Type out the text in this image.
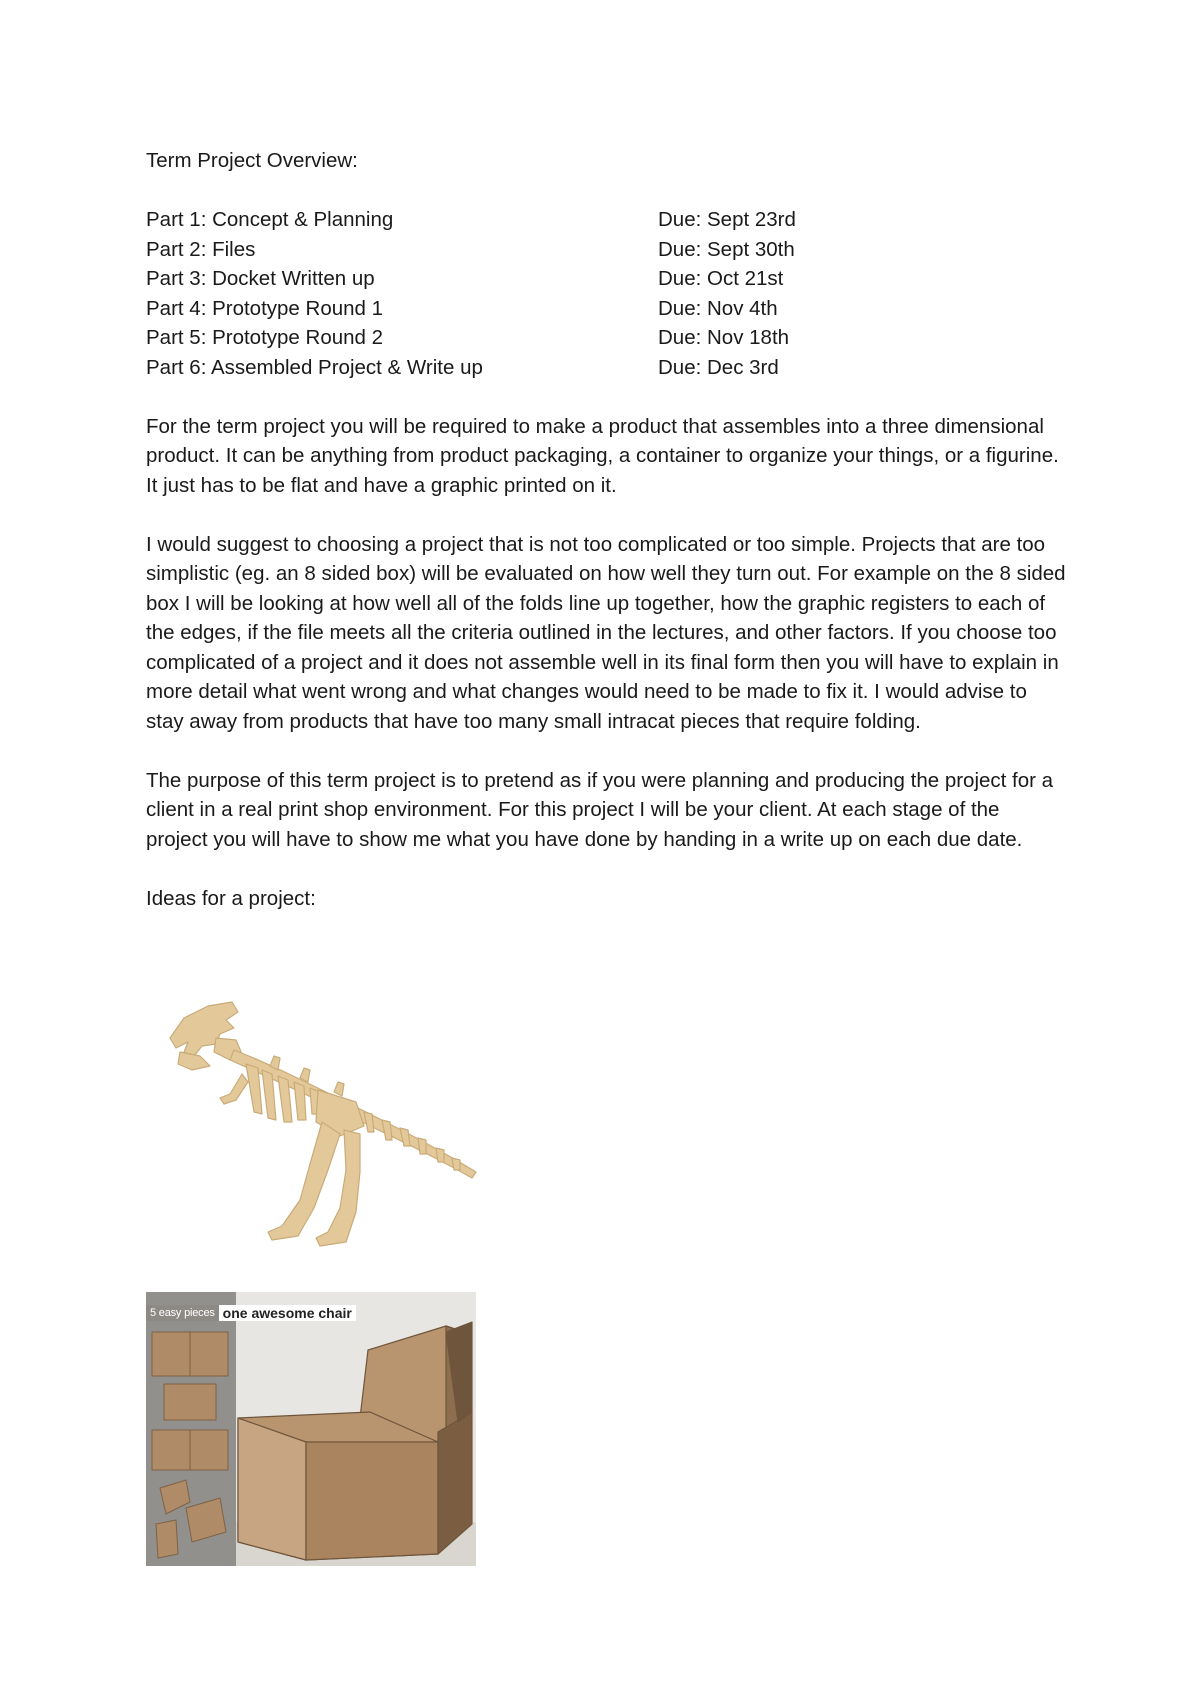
Term Project Overview:
Part 1: Concept & Planning	Due: Sept 23rd
Part 2: Files	Due: Sept 30th
Part 3: Docket Written up	Due: Oct 21st
Part 4: Prototype Round 1	Due: Nov 4th
Part 5: Prototype Round 2	Due: Nov 18th
Part 6: Assembled Project & Write up	Due: Dec 3rd

For the term project you will be required to make a product that assembles into a three dimensional product. It can be anything from product packaging, a container to organize your things, or a figurine. It just has to be flat and have a graphic printed on it.

I would suggest to choosing a project that is not too complicated or too simple. Projects that are too simplistic (eg. an 8 sided box) will be evaluated on how well they turn out. For example on the 8 sided box I will be looking at how well all of the folds line up together, how the graphic registers to each of the edges, if the file meets all the criteria outlined in the lectures, and other factors. If you choose too complicated of a project and it does not assemble well in its final form then you will have to explain in more detail what went wrong and what changes would need to be made to fix it. I would advise to stay away from products that have too many small intracat pieces that require folding.

The purpose of this term project is to pretend as if you were planning and producing the project for a client in a real print shop environment. For this project I will be your client. At each stage of the project you will have to show me what you have done by handing in a write up on each due date.

Ideas for a project:
5 easy pieces one awesome chair
